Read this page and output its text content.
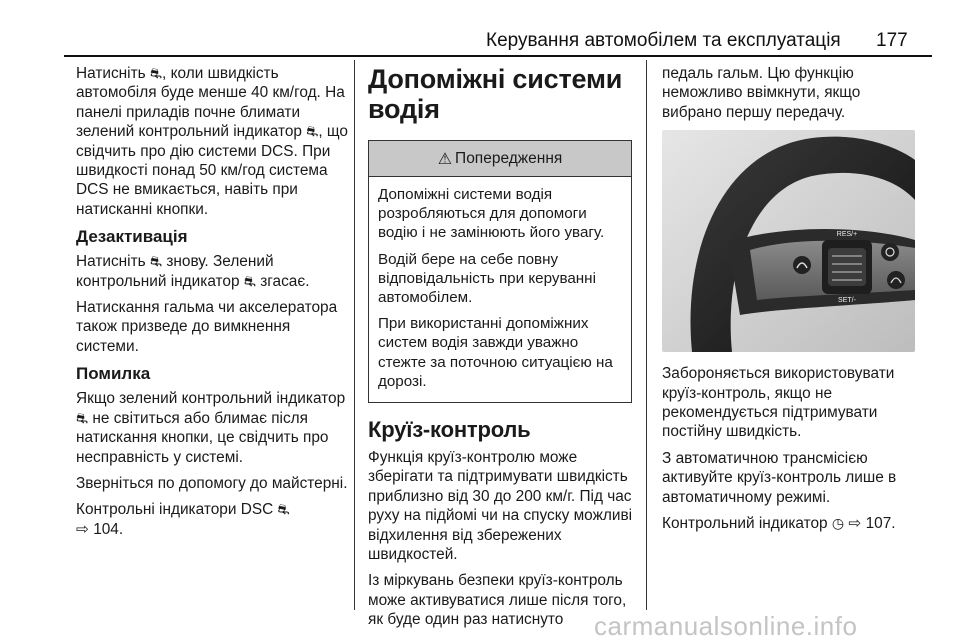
Керування автомобілем та експлуатація 177

Натисніть ⛐, коли швидкість автомобіля буде менше 40 км/год. На панелі приладів почне блимати зелений контрольний індикатор ⛐, що свідчить про дію системи DCS. При швидкості понад 50 км/год система DCS не вмикається, навіть при натисканні кнопки.

Дезактивація

Натисніть ⛐ знову. Зелений контрольний індикатор ⛐ згасає.

Натискання гальма чи акселератора також призведе до вимкнення системи.

Помилка

Якщо зелений контрольний індикатор ⛐ не світиться або блимає після натискання кнопки, це свідчить про несправність у системі.

Зверніться по допомогу до майстерні.

Контрольні індикатори DSC ⛐
⇨ 104.

Допоміжні системи водія
⚠ Попередження

Допоміжні системи водія розробляються для допомоги водію і не замінюють його увагу.

Водій бере на себе повну відповідальність при керуванні автомобілем.

При використанні допоміжних систем водія завжди уважно стежте за поточною ситуацією на дорозі.

Круїз-контроль

Функція круїз-контролю може зберігати та підтримувати швидкість приблизно від 30 до 200 км/г. Під час руху на підйомі чи на спуску можливі відхилення від збережених швидкостей.

Із міркувань безпеки круїз-контроль може активуватися лише після того, як буде один раз натиснуто

педаль гальм. Цю функцію неможливо ввімкнути, якщо вибрано першу передачу.

RES/+
SET/-

Забороняється використовувати круїз-контроль, якщо не рекомендується підтримувати постійну швидкість.

З автоматичною трансмісією активуйте круїз-контроль лише в автоматичному режимі.

Контрольний індикатор ◷ ⇨ 107.

carmanualsonline.info
